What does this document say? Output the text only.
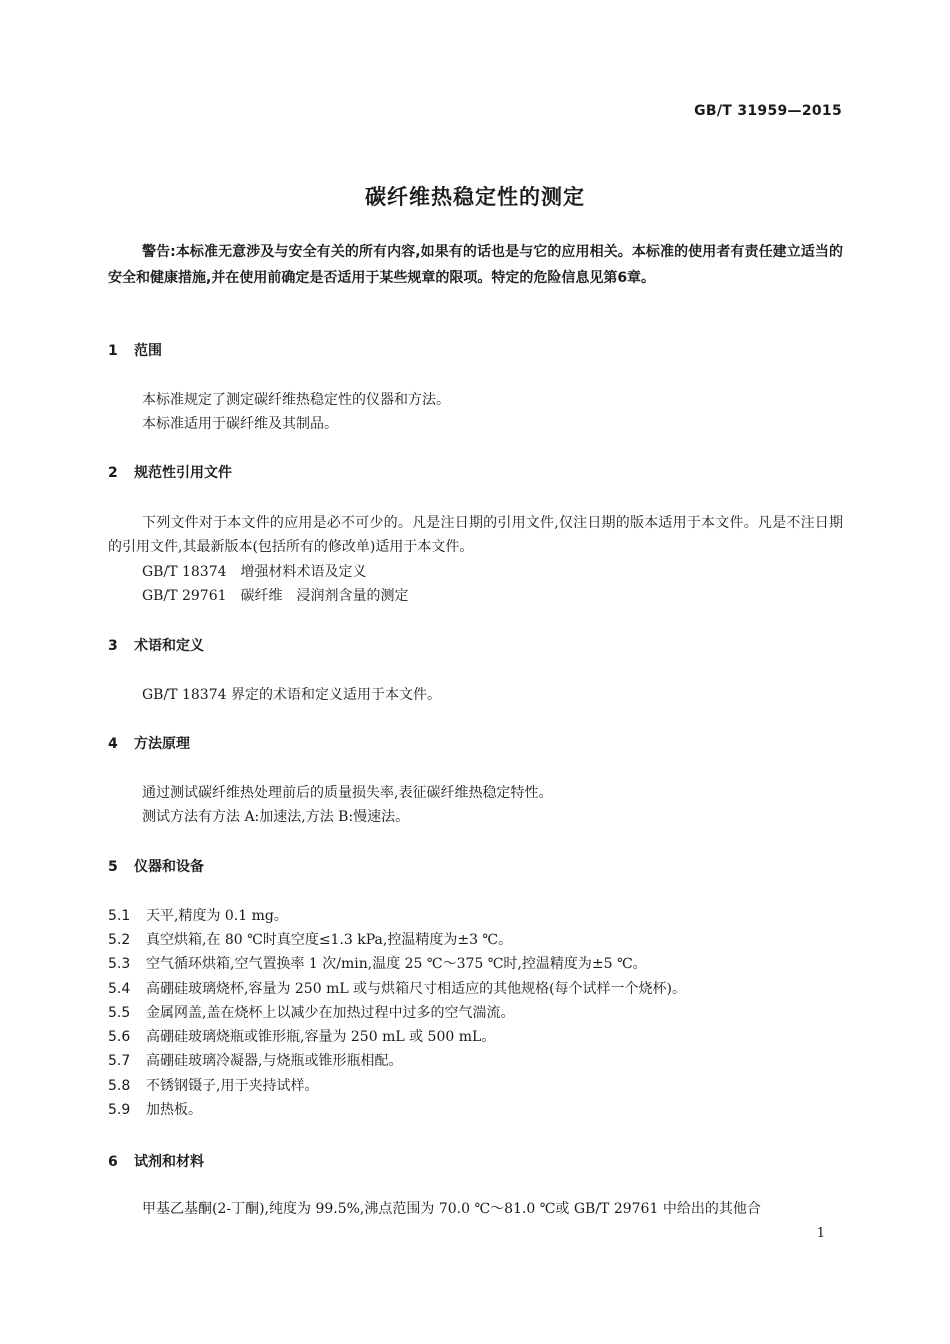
GB/T 31959—2015
碳纤维热稳定性的测定
警告:本标准无意涉及与安全有关的所有内容,如果有的话也是与它的应用相关。本标准的使用者有责任建立适当的安全和健康措施,并在使用前确定是否适用于某些规章的限项。特定的危险信息见第6章。
1 范围
本标准规定了测定碳纤维热稳定性的仪器和方法。
本标准适用于碳纤维及其制品。
2 规范性引用文件
下列文件对于本文件的应用是必不可少的。凡是注日期的引用文件,仅注日期的版本适用于本文件。凡是不注日期的引用文件,其最新版本(包括所有的修改单)适用于本文件。
GB/T 18374　增强材料术语及定义
GB/T 29761　碳纤维　浸润剂含量的测定
3 术语和定义
GB/T 18374 界定的术语和定义适用于本文件。
4 方法原理
通过测试碳纤维热处理前后的质量损失率,表征碳纤维热稳定特性。
测试方法有方法 A:加速法,方法 B:慢速法。
5 仪器和设备
5.1 天平,精度为 0.1 mg。
5.2 真空烘箱,在 80 ℃时真空度≤1.3 kPa,控温精度为±3 ℃。
5.3 空气循环烘箱,空气置换率 1 次/min,温度 25 ℃～375 ℃时,控温精度为±5 ℃。
5.4 高硼硅玻璃烧杯,容量为 250 mL 或与烘箱尺寸相适应的其他规格(每个试样一个烧杯)。
5.5 金属网盖,盖在烧杯上以减少在加热过程中过多的空气湍流。
5.6 高硼硅玻璃烧瓶或锥形瓶,容量为 250 mL 或 500 mL。
5.7 高硼硅玻璃冷凝器,与烧瓶或锥形瓶相配。
5.8 不锈钢镊子,用于夹持试样。
5.9 加热板。
6 试剂和材料
甲基乙基酮(2-丁酮),纯度为 99.5%,沸点范围为 70.0 ℃～81.0 ℃或 GB/T 29761 中给出的其他合
1
